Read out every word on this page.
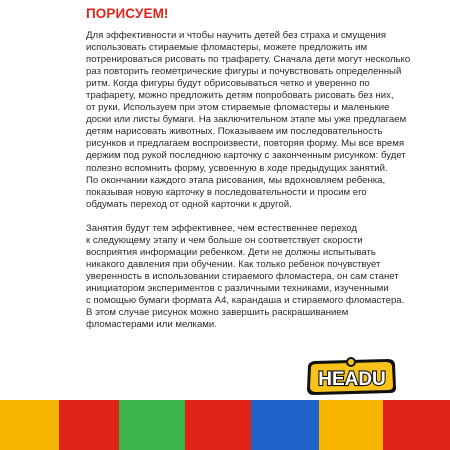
ПОРИСУЕМ!

Для эффективности и чтобы научить детей без страха и смущения

использовать стираемые фломастеры, можете предложить им

потренироваться рисовать по трафарету. Сначала дети могут несколько

раз повторить геометрические фигуры и почувствовать определенный

ритм. Когда фигуры будут обрисовываться четко и уверенно по

трафарету, можно предложить детям попробовать рисовать без них,

от руки. Используем при этом стираемые фломастеры и маленькие

доски или листы бумаги. На заключительном этапе мы уже предлагаем

детям нарисовать животных. Показываем им последовательность

рисунков и предлагаем воспроизвести, повторяя форму. Мы все время

держим под рукой последнюю карточку с законченным рисунком: будет

полезно вспомнить форму, усвоенную в ходе предыдущих занятий.

По окончании каждого этапа рисования, мы вдохновляем ребенка,

показывая новую карточку в последовательности и просим его

обдумать переход от одной карточки к другой.

Занятия будут тем эффективнее, чем естественнее переход

к следующему этапу и чем больше он соответствует скорости

восприятия информации ребенком. Дети не должны испытывать

никакого давления при обучении. Как только ребенок почувствует

уверенность в использовании стираемого фломастера, он сам станет

инициатором экспериментов с различными техниками, изученными

с помощью бумаги формата А4, карандаша и стираемого фломастера.

В этом случае рисунок можно завершить раскрашиванием

фломастерами или мелками.

HEADU
